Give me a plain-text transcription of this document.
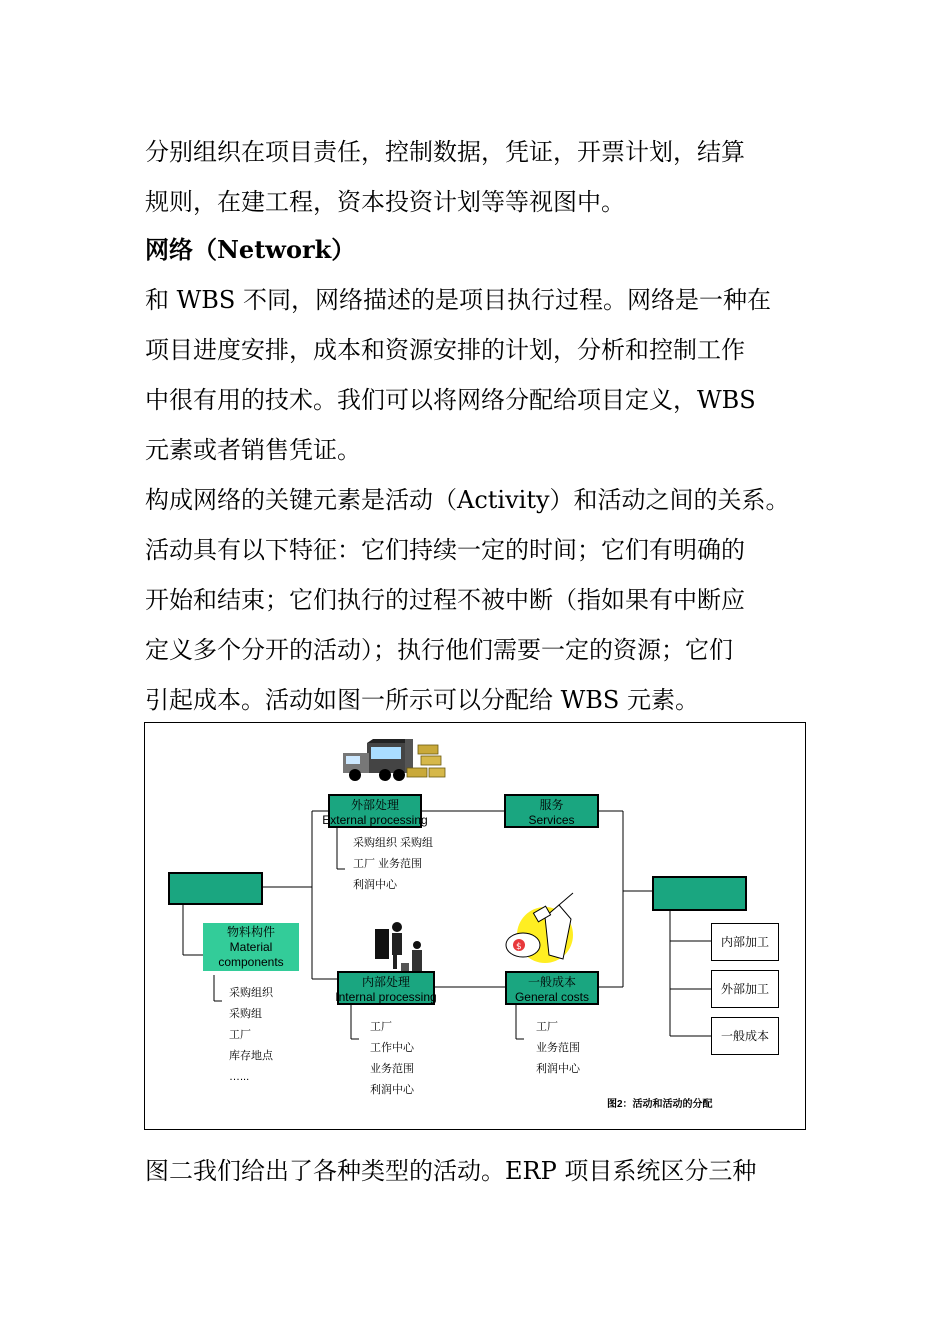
分别组织在项目责任，控制数据，凭证，开票计划，结算
规则，在建工程，资本投资计划等等视图中。
网络（Network）
和 WBS 不同，网络描述的是项目执行过程。网络是一种在
项目进度安排，成本和资源安排的计划，分析和控制工作
中很有用的技术。我们可以将网络分配给项目定义，WBS
元素或者销售凭证。
构成网络的关键元素是活动（Activity）和活动之间的关系。
活动具有以下特征：它们持续一定的时间；它们有明确的
开始和结束；它们执行的过程不被中断（指如果有中断应
定义多个分开的活动）；执行他们需要一定的资源；它们
引起成本。活动如图一所示可以分配给 WBS 元素。
$
外部处理
External processing
服务
Services
物料构件
Material
components
内部处理
Internal processing
一般成本
General costs
内部加工
外部加工
一般成本
采购组织 采购组
工厂 业务范围
利润中心
采购组织
采购组
工厂
库存地点
…...
工厂
工作中心
业务范围
利润中心
工厂
业务范围
利润中心
图2：活动和活动的分配
图二我们给出了各种类型的活动。ERP 项目系统区分三种
